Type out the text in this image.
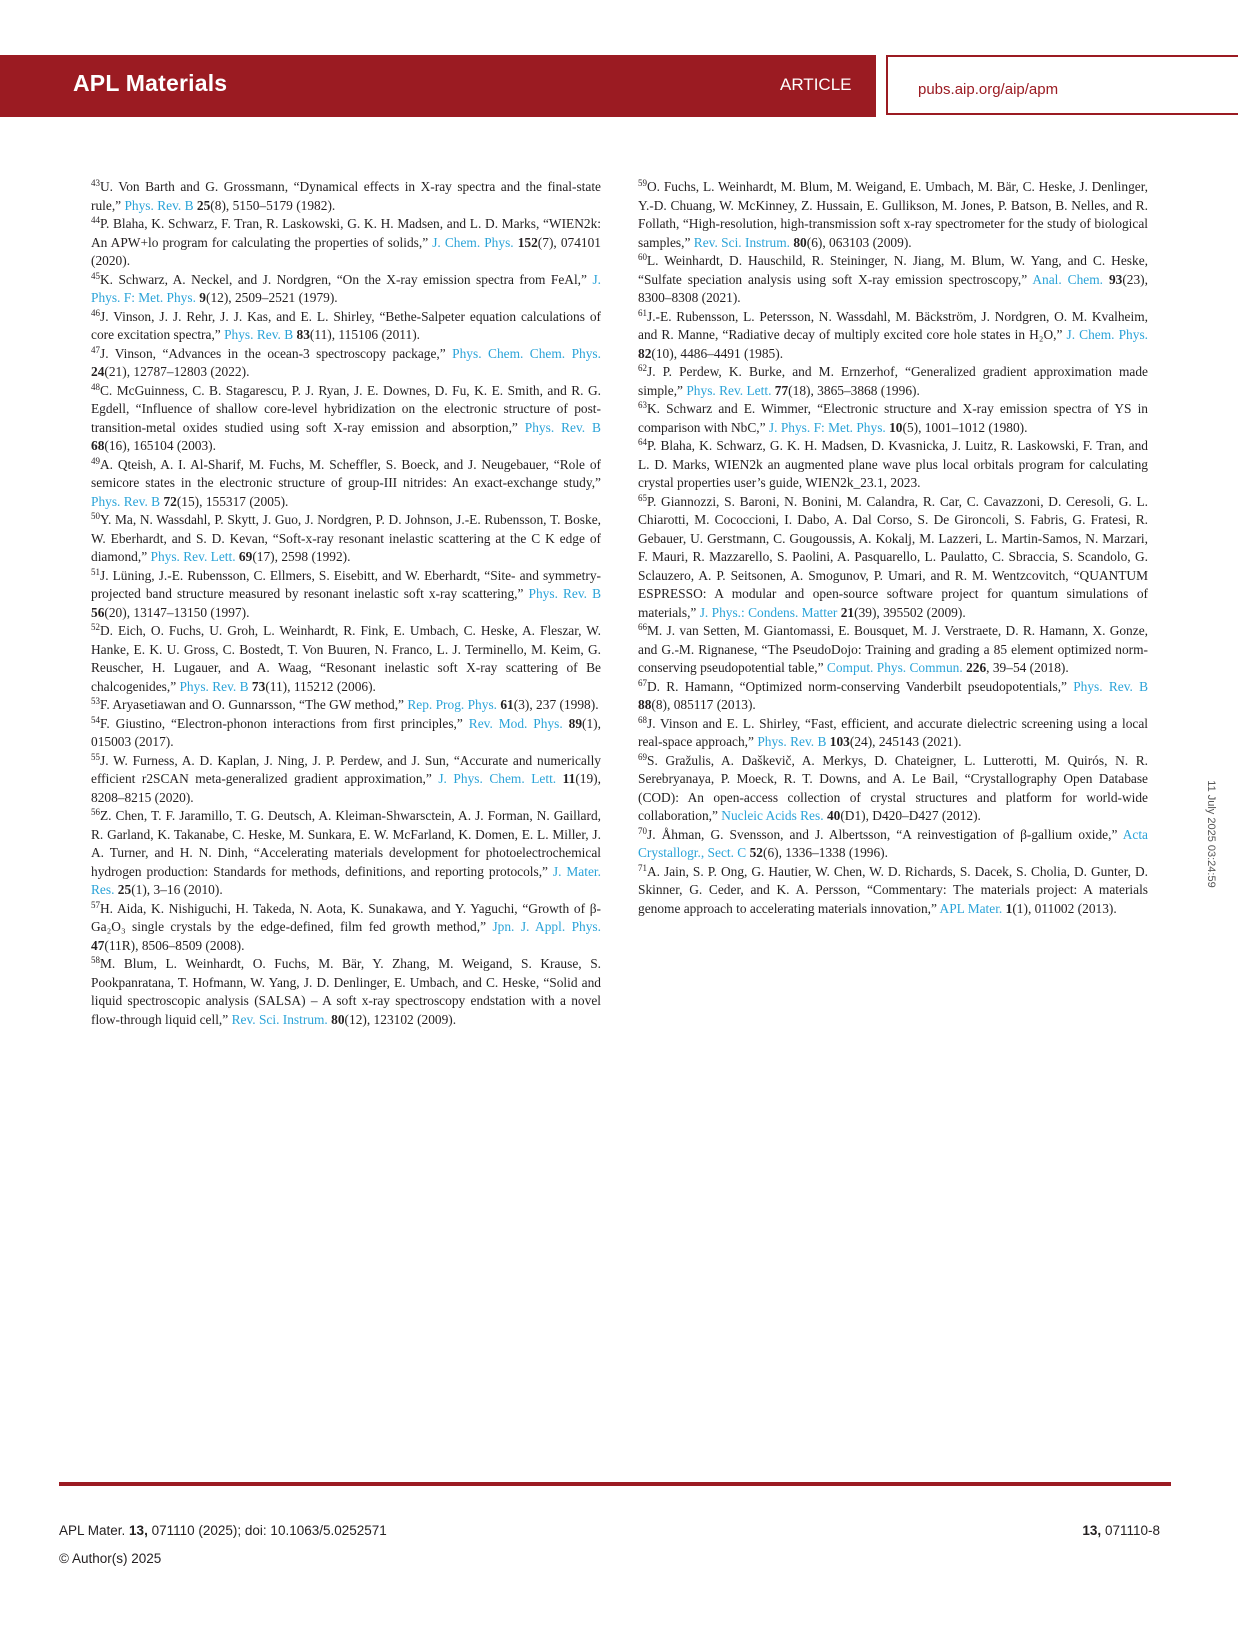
APL Materials	ARTICLE	pubs.aip.org/aip/apm
$^{43}$U. Von Barth and G. Grossmann, “Dynamical effects in X-ray spectra and the final-state rule,” Phys. Rev. B 25(8), 5150–5179 (1982).
$^{44}$P. Blaha, K. Schwarz, F. Tran, R. Laskowski, G. K. H. Madsen, and L. D. Marks, “WIEN2k: An APW+lo program for calculating the properties of solids,” J. Chem. Phys. 152(7), 074101 (2020).
$^{45}$K. Schwarz, A. Neckel, and J. Nordgren, “On the X-ray emission spectra from FeAl,” J. Phys. F: Met. Phys. 9(12), 2509–2521 (1979).
$^{46}$J. Vinson, J. J. Rehr, J. J. Kas, and E. L. Shirley, “Bethe-Salpeter equation calculations of core excitation spectra,” Phys. Rev. B 83(11), 115106 (2011).
$^{47}$J. Vinson, “Advances in the ocean-3 spectroscopy package,” Phys. Chem. Chem. Phys. 24(21), 12787–12803 (2022).
$^{48}$C. McGuinness, C. B. Stagarescu, P. J. Ryan, J. E. Downes, D. Fu, K. E. Smith, and R. G. Egdell, “Influence of shallow core-level hybridization on the electronic structure of post-transition-metal oxides studied using soft X-ray emission and absorption,” Phys. Rev. B 68(16), 165104 (2003).
$^{49}$A. Qteish, A. I. Al-Sharif, M. Fuchs, M. Scheffler, S. Boeck, and J. Neugebauer, “Role of semicore states in the electronic structure of group-III nitrides: An exact-exchange study,” Phys. Rev. B 72(15), 155317 (2005).
$^{50}$Y. Ma, N. Wassdahl, P. Skytt, J. Guo, J. Nordgren, P. D. Johnson, J.-E. Rubensson, T. Boske, W. Eberhardt, and S. D. Kevan, “Soft-x-ray resonant inelastic scattering at the C K edge of diamond,” Phys. Rev. Lett. 69(17), 2598 (1992).
$^{51}$J. Lüning, J.-E. Rubensson, C. Ellmers, S. Eisebitt, and W. Eberhardt, “Site- and symmetry-projected band structure measured by resonant inelastic soft x-ray scattering,” Phys. Rev. B 56(20), 13147–13150 (1997).
$^{52}$D. Eich, O. Fuchs, U. Groh, L. Weinhardt, R. Fink, E. Umbach, C. Heske, A. Fleszar, W. Hanke, E. K. U. Gross, C. Bostedt, T. Von Buuren, N. Franco, L. J. Terminello, M. Keim, G. Reuscher, H. Lugauer, and A. Waag, “Resonant inelastic soft X-ray scattering of Be chalcogenides,” Phys. Rev. B 73(11), 115212 (2006).
$^{53}$F. Aryasetiawan and O. Gunnarsson, “The GW method,” Rep. Prog. Phys. 61(3), 237 (1998).
$^{54}$F. Giustino, “Electron-phonon interactions from first principles,” Rev. Mod. Phys. 89(1), 015003 (2017).
$^{55}$J. W. Furness, A. D. Kaplan, J. Ning, J. P. Perdew, and J. Sun, “Accurate and numerically efficient r2SCAN meta-generalized gradient approximation,” J. Phys. Chem. Lett. 11(19), 8208–8215 (2020).
$^{56}$Z. Chen, T. F. Jaramillo, T. G. Deutsch, A. Kleiman-Shwarsctein, A. J. Forman, N. Gaillard, R. Garland, K. Takanabe, C. Heske, M. Sunkara, E. W. McFarland, K. Domen, E. L. Miller, J. A. Turner, and H. N. Dinh, “Accelerating materials development for photoelectrochemical hydrogen production: Standards for methods, definitions, and reporting protocols,” J. Mater. Res. 25(1), 3–16 (2010).
$^{57}$H. Aida, K. Nishiguchi, H. Takeda, N. Aota, K. Sunakawa, and Y. Yaguchi, “Growth of β-Ga₂O₃ single crystals by the edge-defined, film fed growth method,” Jpn. J. Appl. Phys. 47(11R), 8506–8509 (2008).
$^{58}$M. Blum, L. Weinhardt, O. Fuchs, M. Bär, Y. Zhang, M. Weigand, S. Krause, S. Pookpanratana, T. Hofmann, W. Yang, J. D. Denlinger, E. Umbach, and C. Heske, “Solid and liquid spectroscopic analysis (SALSA) – A soft x-ray spectroscopy endstation with a novel flow-through liquid cell,” Rev. Sci. Instrum. 80(12), 123102 (2009).
$^{59}$O. Fuchs, L. Weinhardt, M. Blum, M. Weigand, E. Umbach, M. Bär, C. Heske, J. Denlinger, Y.-D. Chuang, W. McKinney, Z. Hussain, E. Gullikson, M. Jones, P. Batson, B. Nelles, and R. Follath, “High-resolution, high-transmission soft x-ray spectrometer for the study of biological samples,” Rev. Sci. Instrum. 80(6), 063103 (2009).
$^{60}$L. Weinhardt, D. Hauschild, R. Steininger, N. Jiang, M. Blum, W. Yang, and C. Heske, “Sulfate speciation analysis using soft X-ray emission spectroscopy,” Anal. Chem. 93(23), 8300–8308 (2021).
$^{61}$J.-E. Rubensson, L. Petersson, N. Wassdahl, M. Bäckström, J. Nordgren, O. M. Kvalheim, and R. Manne, “Radiative decay of multiply excited core hole states in H₂O,” J. Chem. Phys. 82(10), 4486–4491 (1985).
$^{62}$J. P. Perdew, K. Burke, and M. Ernzerhof, “Generalized gradient approximation made simple,” Phys. Rev. Lett. 77(18), 3865–3868 (1996).
$^{63}$K. Schwarz and E. Wimmer, “Electronic structure and X-ray emission spectra of YS in comparison with NbC,” J. Phys. F: Met. Phys. 10(5), 1001–1012 (1980).
$^{64}$P. Blaha, K. Schwarz, G. K. H. Madsen, D. Kvasnicka, J. Luitz, R. Laskowski, F. Tran, and L. D. Marks, WIEN2k an augmented plane wave plus local orbitals program for calculating crystal properties user’s guide, WIEN2k_23.1, 2023.
$^{65}$P. Giannozzi, S. Baroni, N. Bonini, M. Calandra, R. Car, C. Cavazzoni, D. Ceresoli, G. L. Chiarotti, M. Cococcioni, I. Dabo, A. Dal Corso, S. De Gironcoli, S. Fabris, G. Fratesi, R. Gebauer, U. Gerstmann, C. Gougoussis, A. Kokalj, M. Lazzeri, L. Martin-Samos, N. Marzari, F. Mauri, R. Mazzarello, S. Paolini, A. Pasquarello, L. Paulatto, C. Sbraccia, S. Scandolo, G. Sclauzero, A. P. Seitsonen, A. Smogunov, P. Umari, and R. M. Wentzcovitch, “QUANTUM ESPRESSO: A modular and open-source software project for quantum simulations of materials,” J. Phys.: Condens. Matter 21(39), 395502 (2009).
$^{66}$M. J. van Setten, M. Giantomassi, E. Bousquet, M. J. Verstraete, D. R. Hamann, X. Gonze, and G.-M. Rignanese, “The PseudoDojo: Training and grading a 85 element optimized norm-conserving pseudopotential table,” Comput. Phys. Commun. 226, 39–54 (2018).
$^{67}$D. R. Hamann, “Optimized norm-conserving Vanderbilt pseudopotentials,” Phys. Rev. B 88(8), 085117 (2013).
$^{68}$J. Vinson and E. L. Shirley, “Fast, efficient, and accurate dielectric screening using a local real-space approach,” Phys. Rev. B 103(24), 245143 (2021).
$^{69}$S. Gražulis, A. Daškevič, A. Merkys, D. Chateigner, L. Lutterotti, M. Quirós, N. R. Serebryanaya, P. Moeck, R. T. Downs, and A. Le Bail, “Crystallography Open Database (COD): An open-access collection of crystal structures and platform for world-wide collaboration,” Nucleic Acids Res. 40(D1), D420–D427 (2012).
$^{70}$J. Åhman, G. Svensson, and J. Albertsson, “A reinvestigation of β-gallium oxide,” Acta Crystallogr., Sect. C 52(6), 1336–1338 (1996).
$^{71}$A. Jain, S. P. Ong, G. Hautier, W. Chen, W. D. Richards, S. Dacek, S. Cholia, D. Gunter, D. Skinner, G. Ceder, and K. A. Persson, “Commentary: The materials project: A materials genome approach to accelerating materials innovation,” APL Mater. 1(1), 011002 (2013).
11 July 2025 03:24:59
APL Mater. 13, 071110 (2025); doi: 10.1063/5.0252571
© Author(s) 2025
13, 071110-8
